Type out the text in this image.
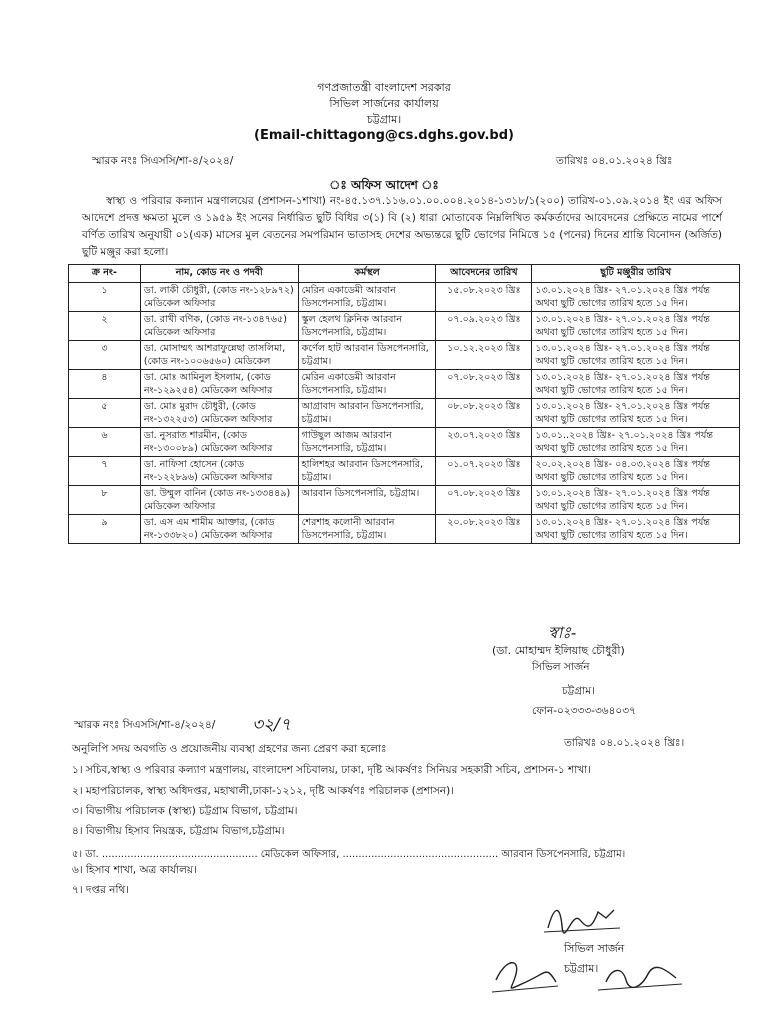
গণপ্রজাতন্ত্রী বাংলাদেশ সরকার
সিভিল সার্জনের কার্যালয়
চট্টগ্রাম।
(Email-chittagong@cs.dghs.gov.bd)
স্মারক নংঃ সিএসসি/শা-৪/২০২৪/	তারিখঃ ০৪.০১.২০২৪ খ্রিঃ
ঃ অফিস আদেশ ঃ
স্বাস্থ্য ও পরিবার কল্যান মন্ত্রণালয়ের (প্রশাসন-১শাখা) নং-৪৫.১৩৭.১১৬.০১.০০.০০৪.২০১৪-১৩১৮/১(২০০) তারিখ-০১.০৯.২০১৪ ইং এর অফিস আদেশে প্রদত্ত ক্ষমতা মুলে ও ১৯৫৯ ইং সনের নির্ধারিত ছুটি বিধির ৩(১) বি (২) ধারা মোতাবেক নিম্নলিখিত কর্মকর্তাদের আবেদনের প্রেক্ষিতে নামের পার্শে বর্ণিত তারিখ অনুযায়ী ০১(এক) মাসের মুল বেতনের সমপরিমান ভাতাসহ দেশের অভ্যন্তরে ছুটি ভোগের নিমিত্তে ১৫ (পনের) দিনের শ্রান্তি বিনোদন (অর্জিত) ছুটি মঞ্জুর করা হলো।
ক্র নং-	নাম, কোড নং ও পদবী	কর্মস্থল	আবেদনের তারিখ	ছুটি মঞ্জুরীর তারিখ
১	ডা. লাকী চৌধুরী, (কোড নং-১২৮৯৭২) মেডিকেল অফিসার	মেরিন একাডেমী আরবান ডিসপেনসারি, চট্টগ্রাম।	১৫.০৮.২০২৩ খ্রিঃ	১৩.০১.২০২৪ খ্রিঃ- ২৭.০১.২০২৪ খ্রিঃ পর্যন্ত
অথবা ছুটি ভোগের তারিখ হতে ১৫ দিন।

২	ডা. রাখী বণিক, (কোড নং-১৩৪৭৬৫) মেডিকেল অফিসার	স্কুল হেলথ ক্লিনিক আরবান ডিসপেনসারি, চট্টগ্রাম।	০৭.০৯.২০২৩ খ্রিঃ	১৩.০১.২০২৪ খ্রিঃ- ২৭.০১.২০২৪ খ্রিঃ পর্যন্ত
অথবা ছুটি ভোগের তারিখ হতে ১৫ দিন।

৩	ডা. মোসাম্মৎ আশরাফুন্নেছা তাসলিমা, (কোড নং-১০০৬৫৬০) মেডিকেল	কর্ণেল হাট আরবান ডিসপেনসারি, চট্টগ্রাম।	১০.১২.২০২৩ খ্রিঃ	১৩.০১.২০২৪ খ্রিঃ- ২৭.০১.২০২৪ খ্রিঃ পর্যন্ত
অথবা ছুটি ভোগের তারিখ হতে ১৫ দিন।

৪	ডা. মোঃ আমিনুল ইসলাম, (কোড নং-১২৯২৫৪) মেডিকেল অফিসার	মেরিন একাডেমী আরবান ডিসপেনসারি, চট্টগ্রাম।	০৭.০৮.২০২৩ খ্রিঃ	১৩.০১.২০২৪ খ্রিঃ- ২৭.০১.২০২৪ খ্রিঃ পর্যন্ত
অথবা ছুটি ভোগের তারিখ হতে ১৫ দিন।

৫	ডা. মোঃ মুরাদ চৌধুরী, (কোড নং-১৩২২৫৩) মেডিকেল অফিসার	আগ্রাবাদ আরবান ডিসপেনসারি, চট্টগ্রাম।	০৮.০৮.২০২৩ খ্রিঃ	১৩.০১.২০২৪ খ্রিঃ- ২৭.০১.২০২৪ খ্রিঃ পর্যন্ত
অথবা ছুটি ভোগের তারিখ হতে ১৫ দিন।

৬	ডা. নুসরাত শারমীন, (কোড নং-১৩০০৮৯) মেডিকেল অফিসার	গাউছুল আজম আরবান ডিসপেনসারি, চট্টগ্রাম।	২৩.০৭.২০২৩ খ্রিঃ	১৩.০১..২০২৪ খ্রিঃ- ২৭.০১.২০২৪ খ্রিঃ পর্যন্ত
অথবা ছুটি ভোগের তারিখ হতে ১৫ দিন।

৭	ডা. নাফিসা হোসেন (কোড নং-১২২৮৯৬) মেডিকেল অফিসার	হালিশহর আরবান ডিসপেনসারি, চট্টগ্রাম।	০১.০৭.২০২৩ খ্রিঃ	২০.০২.২০২৪ খ্রিঃ- ০৪.০৩.২০২৪ খ্রিঃ পর্যন্ত
অথবা ছুটি ভোগের তারিখ হতে ১৫ দিন।

৮	ডা. উম্মুল বানিন (কোড নং-১৩৩৪৪৯) মেডিকেল অফিসার	আরবান ডিসপেনসারি, চট্টগ্রাম।	০৭.০৮.২০২৩ খ্রিঃ	১৩.০১.২০২৪ খ্রিঃ- ২৭.০১.২০২৪ খ্রিঃ পর্যন্ত
অথবা ছুটি ভোগের তারিখ হতে ১৫ দিন।

৯	ডা. এস এম শামীম আক্তার, (কোড নং-১৩৩৮২০) মেডিকেল অফিসার	শেরশাহ কলোনী আরবান ডিসপেনসারি, চট্টগ্রাম।	২০.০৮.২০২৩ খ্রিঃ	১৩.০১.২০২৪ খ্রিঃ- ২৭.০১.২০২৪ খ্রিঃ পর্যন্ত
অথবা ছুটি ভোগের তারিখ হতে ১৫ দিন।
স্বাঃ-
(ডা. মোহাম্মদ ইলিয়াছ চৌধুরী)
সিভিল সার্জন
চট্টগ্রাম।
ফোন-০২৩৩৩-৩৬৪০৩৭
স্মারক নংঃ সিএসসি/শা-৪/২০২৪/ ৩২/৭
তারিখঃ ০৪.০১.২০২৪ খ্রিঃ।
অনুলিপি সদয় অবগতি ও প্রয়োজনীয় ব্যবস্থা গ্রহণের জন্য প্রেরণ করা হলোঃ
১। সচিব,স্বাস্থ্য ও পরিবার কল্যাণ মন্ত্রণালয়, বাংলাদেশ সচিবালয়, ঢাকা, দৃষ্টি আকর্ষণঃ সিনিয়র সহকারী সচিব, প্রশাসন-১ শাখা।
২। মহাপরিচালক, স্বাস্থ্য অধিদপ্তর, মহাখালী,ঢাকা-১২১২, দৃষ্টি আকর্ষণঃ পরিচালক (প্রশাসন)।
৩। বিভাগীয় পরিচালক (স্বাস্থ্য) চট্টগ্রাম বিভাগ, চট্টগ্রাম।
৪। বিভাগীয় হিসাব নিয়ন্ত্রক, চট্টগ্রাম বিভাগ,চট্টগ্রাম।
৫। ডা. ................................................. মেডিকেল অফিসার, ................................................. আরবান ডিসপেনসারি, চট্টগ্রাম।
৬। হিসাব শাখা, অত্র কার্যালয়।
৭। দপ্তর নথি।
সিভিল সার্জন
চট্টগ্রাম।
